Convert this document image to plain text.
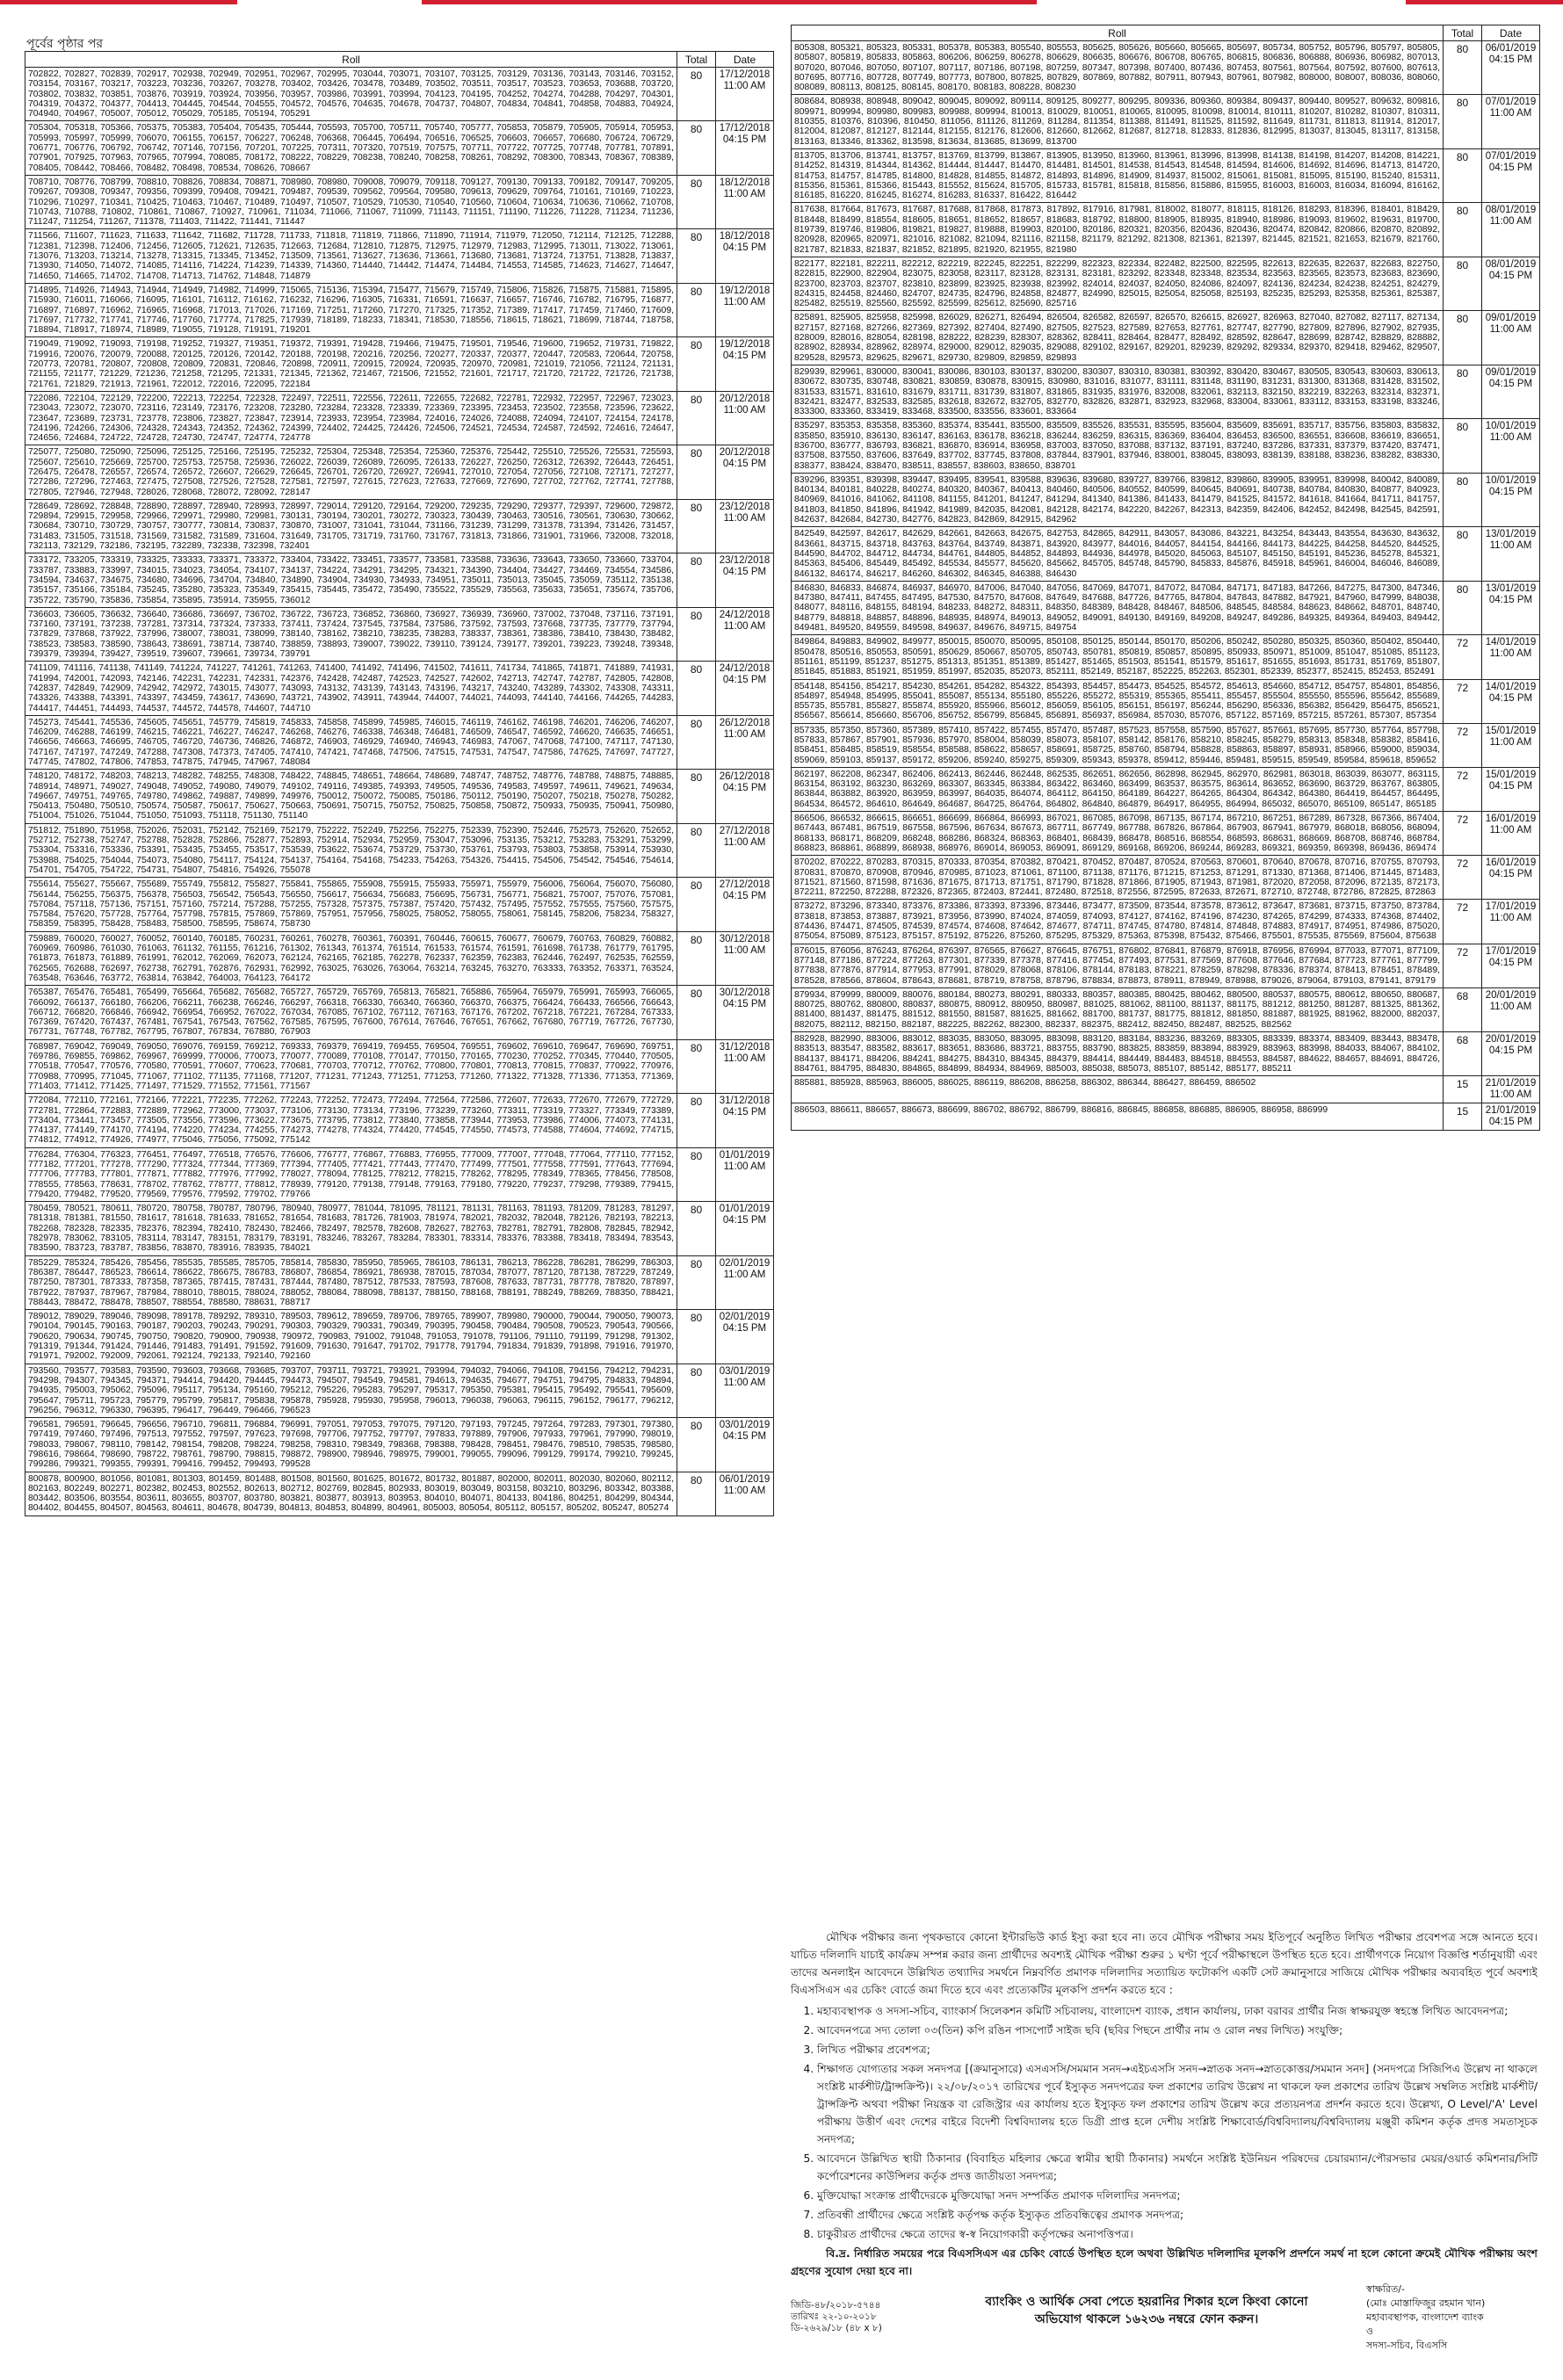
পূর্বের পৃষ্ঠার পর
Roll	Total	Date
702822, 702827, 702839, 702917, 702938, 702949, 702951, 702967, 702995, 703044, 703071, 703107, 703125, 703129, 703136, 703143, 703146, 703152, 703154, 703167, 703217, 703223, 703236, 703267, 703278, 703402, 703426, 703478, 703489, 703502, 703511, 703517, 703523, 703653, 703688, 703720, 703802, 703832, 703851, 703876, 703919, 703924, 703956, 703957, 703986, 703991, 703994, 704123, 704195, 704252, 704274, 704288, 704297, 704301, 704319, 704372, 704377, 704413, 704445, 704544, 704555, 704572, 704576, 704635, 704678, 704737, 704807, 704834, 704841, 704858, 704883, 704924, 704940, 704967, 705007, 705012, 705029, 705185, 705194, 705291	80	17/12/2018
11:00 AM

705304, 705318, 705366, 705375, 705383, 705404, 705435, 705444, 705593, 705700, 705711, 705740, 705777, 705853, 705879, 705905, 705914, 705953, 705993, 705997, 705999, 706070, 706155, 706157, 706227, 706248, 706368, 706445, 706494, 706516, 706525, 706603, 706657, 706680, 706724, 706729, 706771, 706776, 706792, 706742, 707146, 707156, 707201, 707225, 707311, 707320, 707519, 707575, 707711, 707722, 707725, 707748, 707781, 707891, 707901, 707925, 707963, 707965, 707994, 708085, 708172, 708222, 708229, 708238, 708240, 708258, 708261, 708292, 708300, 708343, 708367, 708389, 708405, 708442, 708466, 708482, 708498, 708534, 708626, 708667	80	17/12/2018
04:15 PM

708710, 708776, 708799, 708810, 708826, 708834, 708871, 708980, 708980, 709008, 709079, 709118, 709127, 709130, 709133, 709182, 709147, 709205, 709267, 709308, 709347, 709356, 709399, 709408, 709421, 709487, 709539, 709562, 709564, 709580, 709613, 709629, 709764, 710161, 710169, 710223, 710296, 710297, 710341, 710425, 710463, 710467, 710489, 710497, 710507, 710529, 710530, 710540, 710560, 710604, 710634, 710636, 710662, 710708, 710743, 710788, 710802, 710861, 710867, 710927, 710961, 711034, 711066, 711067, 711099, 711143, 711151, 711190, 711226, 711228, 711234, 711236, 711247, 711254, 711267, 711378, 711403, 711422, 711441, 711447	80	18/12/2018
11:00 AM

711566, 711607, 711623, 711633, 711642, 711682, 711728, 711733, 711818, 711819, 711866, 711890, 711914, 711979, 712050, 712114, 712125, 712288, 712381, 712398, 712406, 712456, 712605, 712621, 712635, 712663, 712684, 712810, 712875, 712975, 712979, 712983, 712995, 713011, 713022, 713061, 713076, 713203, 713214, 713278, 713315, 713345, 713452, 713509, 713561, 713627, 713636, 713661, 713680, 713681, 713724, 713751, 713828, 713837, 713930, 714050, 714072, 714085, 714116, 714224, 714239, 714339, 714360, 714440, 714442, 714474, 714484, 714553, 714585, 714623, 714627, 714647, 714650, 714665, 714702, 714708, 714713, 714762, 714848, 714879	80	18/12/2018
04:15 PM

714895, 714926, 714943, 714944, 714949, 714982, 714999, 715065, 715136, 715394, 715477, 715679, 715749, 715806, 715826, 715875, 715881, 715895, 715930, 716011, 716066, 716095, 716101, 716112, 716162, 716232, 716296, 716305, 716331, 716591, 716637, 716657, 716746, 716782, 716795, 716877, 716897, 716897, 716962, 716965, 716968, 717013, 717026, 717169, 717251, 717260, 717270, 717325, 717352, 717389, 717417, 717459, 717460, 717609, 717697, 717732, 717741, 717746, 717760, 717774, 717825, 717939, 718189, 718233, 718341, 718530, 718556, 718615, 718621, 718699, 718744, 718758, 718894, 718917, 718974, 718989, 719055, 719128, 719191, 719201	80	19/12/2018
11:00 AM

719049, 719092, 719093, 719198, 719252, 719327, 719351, 719372, 719391, 719428, 719466, 719475, 719501, 719546, 719600, 719652, 719731, 719822, 719916, 720076, 720079, 720088, 720125, 720126, 720142, 720188, 720198, 720216, 720256, 720277, 720337, 720377, 720447, 720583, 720644, 720758, 720773, 720781, 720807, 720808, 720809, 720831, 720846, 720898, 720911, 720915, 720924, 720935, 720970, 720981, 721019, 721056, 721124, 721131, 721155, 721177, 721229, 721236, 721258, 721295, 721331, 721345, 721362, 721467, 721506, 721552, 721601, 721717, 721720, 721722, 721726, 721738, 721761, 721829, 721913, 721961, 722012, 722016, 722095, 722184	80	19/12/2018
04:15 PM

722086, 722104, 722129, 722200, 722213, 722254, 722328, 722497, 722511, 722556, 722611, 722655, 722682, 722781, 722932, 722957, 722967, 723023, 723043, 723072, 723070, 723116, 723149, 723176, 723208, 723280, 723284, 723328, 723339, 723369, 723395, 723453, 723502, 723558, 723596, 723622, 723647, 723689, 723731, 723778, 723806, 723827, 723847, 723914, 723933, 723954, 723984, 724016, 724026, 724088, 724094, 724107, 724154, 724178, 724196, 724266, 724306, 724328, 724343, 724352, 724362, 724399, 724402, 724425, 724426, 724506, 724521, 724534, 724587, 724592, 724616, 724647, 724656, 724684, 724722, 724728, 724730, 724747, 724774, 724778	80	20/12/2018
11:00 AM

725077, 725080, 725090, 725096, 725125, 725166, 725195, 725232, 725304, 725348, 725354, 725360, 725376, 725442, 725510, 725526, 725531, 725593, 725607, 725610, 725669, 725700, 725753, 725758, 725936, 726022, 726039, 726089, 726095, 726133, 726227, 726250, 726312, 726392, 726443, 726451, 726475, 726478, 726557, 726574, 726572, 726607, 726629, 726645, 726701, 726720, 726927, 726941, 727010, 727054, 727056, 727108, 727171, 727277, 727286, 727296, 727463, 727475, 727508, 727526, 727528, 727581, 727597, 727615, 727623, 727633, 727669, 727690, 727702, 727762, 727741, 727788, 727805, 727946, 727948, 728026, 728068, 728072, 728092, 728147	80	20/12/2018
04:15 PM

728649, 728692, 728848, 728890, 728897, 728940, 728993, 728997, 729014, 729120, 729164, 729200, 729235, 729290, 729377, 729397, 729600, 729872, 729894, 729915, 729958, 729966, 729971, 729980, 729981, 730131, 730194, 730201, 730272, 730323, 730439, 730463, 730516, 730561, 730630, 730662, 730684, 730710, 730729, 730757, 730777, 730814, 730837, 730870, 731007, 731041, 731044, 731166, 731239, 731299, 731378, 731394, 731426, 731457, 731483, 731505, 731518, 731569, 731582, 731589, 731604, 731649, 731705, 731719, 731760, 731767, 731813, 731866, 731901, 731966, 732008, 732018, 732113, 732129, 732186, 732195, 732289, 732338, 732398, 732401	80	23/12/2018
11:00 AM

733172, 733205, 733319, 733325, 733333, 733371, 733372, 733404, 733422, 733451, 733577, 733581, 733588, 733636, 733643, 733650, 733660, 733704, 733787, 733883, 733997, 734015, 734023, 734054, 734107, 734137, 734224, 734291, 734295, 734321, 734390, 734404, 734427, 734469, 734554, 734586, 734594, 734637, 734675, 734680, 734696, 734704, 734840, 734890, 734904, 734930, 734933, 734951, 735011, 735013, 735045, 735059, 735112, 735138, 735157, 735166, 735184, 735245, 735280, 735323, 735349, 735415, 735445, 735472, 735490, 735522, 735529, 735563, 735633, 735651, 735674, 735706, 735722, 735790, 735836, 735854, 735895, 735914, 735955, 736012	80	23/12/2018
04:15 PM

736603, 736605, 736632, 736640, 736686, 736697, 736702, 736722, 736723, 736852, 736860, 736927, 736939, 736960, 737002, 737048, 737116, 737191, 737160, 737191, 737238, 737281, 737314, 737324, 737333, 737411, 737424, 737545, 737584, 737586, 737592, 737593, 737668, 737735, 737779, 737794, 737829, 737868, 737922, 737996, 738007, 738031, 738099, 738140, 738162, 738210, 738235, 738283, 738337, 738361, 738386, 738410, 738430, 738482, 738523, 738583, 738590, 738643, 738691, 738714, 738740, 738859, 738893, 739007, 739022, 739110, 739124, 739177, 739201, 739223, 739248, 739348, 739379, 739394, 739427, 739519, 739607, 739661, 739734, 739791	80	24/12/2018
11:00 AM

741109, 741116, 741138, 741149, 741224, 741227, 741261, 741263, 741400, 741492, 741496, 741502, 741611, 741734, 741865, 741871, 741889, 741931, 741994, 742001, 742093, 742146, 742231, 742231, 742331, 742376, 742428, 742487, 742523, 742527, 742602, 742713, 742747, 742787, 742805, 742808, 742837, 742849, 742909, 742942, 742972, 743015, 743077, 743093, 743132, 743139, 743143, 743196, 743217, 743240, 743289, 743302, 743308, 743311, 743326, 743388, 743391, 743397, 743459, 743617, 743690, 743721, 743902, 743911, 743944, 744007, 744021, 744093, 744140, 744166, 744265, 744283, 744417, 744451, 744493, 744537, 744572, 744578, 744607, 744710	80	24/12/2018
04:15 PM

745273, 745441, 745536, 745605, 745651, 745779, 745819, 745833, 745858, 745899, 745985, 746015, 746119, 746162, 746198, 746201, 746206, 746207, 746209, 746288, 746199, 746215, 746221, 746227, 746247, 746268, 746276, 746338, 746348, 746481, 746509, 746547, 746592, 746620, 746635, 746651, 746656, 746663, 746695, 746705, 746720, 746736, 746826, 746872, 746903, 746929, 746940, 746943, 746983, 747067, 747068, 747100, 747117, 747130, 747167, 747197, 747249, 747288, 747308, 747373, 747405, 747410, 747421, 747468, 747506, 747515, 747531, 747547, 747586, 747625, 747697, 747727, 747745, 747802, 747806, 747853, 747875, 747945, 747967, 748084	80	26/12/2018
11:00 AM

748120, 748172, 748203, 748213, 748282, 748255, 748308, 748422, 748845, 748651, 748664, 748689, 748747, 748752, 748776, 748788, 748875, 748885, 748914, 748971, 749027, 749048, 749052, 749080, 749079, 749102, 749116, 749385, 749393, 749505, 749536, 749583, 749597, 749611, 749621, 749634, 749667, 749751, 749765, 749780, 749862, 749887, 749899, 749976, 750012, 750072, 750085, 750186, 750112, 750190, 750207, 750218, 750278, 750282, 750413, 750480, 750510, 750574, 750587, 750617, 750627, 750663, 750691, 750715, 750752, 750825, 750858, 750872, 750933, 750935, 750941, 750980, 751004, 751026, 751044, 751050, 751093, 751118, 751130, 751140	80	26/12/2018
04:15 PM

751812, 751890, 751958, 752026, 752031, 752142, 752169, 752179, 752222, 752249, 752256, 752275, 752339, 752390, 752446, 752573, 752620, 752652, 752712, 752738, 752747, 752788, 752828, 752866, 752877, 752893, 752914, 752934, 752959, 753047, 753096, 753135, 753212, 753283, 753291, 753299, 753304, 753316, 753336, 753391, 753435, 753455, 753517, 753539, 753622, 753674, 753729, 753730, 753761, 753793, 753803, 753858, 753914, 753930, 753988, 754025, 754044, 754073, 754080, 754117, 754124, 754137, 754164, 754168, 754233, 754263, 754326, 754415, 754506, 754542, 754546, 754614, 754701, 754705, 754722, 754731, 754807, 754816, 754926, 755078	80	27/12/2018
11:00 AM

755614, 755627, 755667, 755689, 755749, 755812, 755827, 755841, 755865, 755908, 755915, 755933, 755971, 755979, 756006, 756064, 756070, 756080, 756144, 756255, 756375, 756378, 756503, 756542, 756543, 756550, 756617, 756634, 756683, 756695, 756731, 756771, 756821, 757007, 757076, 757081, 757084, 757118, 757136, 757151, 757160, 757214, 757288, 757255, 757328, 757375, 757387, 757420, 757432, 757495, 757552, 757555, 757560, 757575, 757584, 757620, 757728, 757764, 757798, 757815, 757869, 757869, 757951, 757956, 758025, 758052, 758055, 758061, 758145, 758206, 758234, 758327, 758359, 758395, 758428, 758483, 758500, 758595, 758674, 758730	80	27/12/2018
04:15 PM

759889, 760020, 760027, 760052, 760140, 760185, 760231, 760261, 760278, 760361, 760391, 760446, 760615, 760677, 760679, 760763, 760829, 760882, 760969, 760986, 761030, 761063, 761132, 761155, 761216, 761302, 761343, 761374, 761514, 761533, 761574, 761591, 761698, 761738, 761779, 761795, 761873, 761873, 761889, 761991, 762012, 762069, 762073, 762124, 762165, 762185, 762278, 762337, 762359, 762383, 762446, 762497, 762535, 762559, 762565, 762688, 762697, 762738, 762791, 762876, 762931, 762992, 763025, 763026, 763064, 763214, 763245, 763270, 763333, 763352, 763371, 763524, 763548, 763646, 763772, 763814, 763842, 764003, 764123, 764172	80	30/12/2018
11:00 AM

765387, 765476, 765481, 765499, 765664, 765682, 765682, 765727, 765729, 765769, 765813, 765821, 765886, 765964, 765979, 765991, 765993, 766065, 766092, 766137, 766180, 766206, 766211, 766238, 766246, 766297, 766318, 766330, 766340, 766360, 766370, 766375, 766424, 766433, 766566, 766643, 766712, 766820, 766846, 766942, 766954, 766952, 767022, 767034, 767085, 767102, 767112, 767163, 767176, 767202, 767218, 767221, 767284, 767333, 767369, 767420, 767437, 767481, 767541, 767543, 767562, 767585, 767595, 767600, 767614, 767646, 767651, 767662, 767680, 767719, 767726, 767730, 767731, 767748, 767782, 767795, 767807, 767834, 767880, 767903	80	30/12/2018
04:15 PM

768987, 769042, 769049, 769050, 769076, 769159, 769212, 769333, 769379, 769419, 769455, 769504, 769551, 769602, 769610, 769647, 769690, 769751, 769786, 769855, 769862, 769967, 769999, 770006, 770073, 770077, 770089, 770108, 770147, 770150, 770165, 770230, 770252, 770345, 770440, 770505, 770518, 770547, 770576, 770580, 770591, 770607, 770623, 770681, 770703, 770712, 770762, 770800, 770801, 770813, 770815, 770837, 770922, 770976, 770988, 770995, 771045, 771067, 771102, 771135, 771168, 771207, 771231, 771243, 771251, 771253, 771260, 771322, 771328, 771336, 771353, 771369, 771403, 771412, 771425, 771497, 771529, 771552, 771561, 771567	80	31/12/2018
11:00 AM

772084, 772110, 772161, 772166, 772221, 772235, 772262, 772243, 772252, 772473, 772494, 772564, 772586, 772607, 772633, 772670, 772679, 772729, 772781, 772864, 772883, 772889, 772962, 773000, 773037, 773106, 773130, 773134, 773196, 773239, 773260, 773311, 773319, 773327, 773349, 773389, 773404, 773441, 773457, 773505, 773556, 773596, 773622, 773675, 773795, 773812, 773840, 773858, 773944, 773953, 773986, 774006, 774073, 774131, 774137, 774149, 774170, 774194, 774220, 774234, 774255, 774273, 774278, 774324, 774420, 774545, 774550, 774573, 774588, 774604, 774692, 774715, 774812, 774912, 774926, 774977, 775046, 775056, 775092, 775142	80	31/12/2018
04:15 PM

776284, 776304, 776323, 776451, 776497, 776518, 776576, 776606, 776777, 776867, 776883, 776955, 777009, 777007, 777048, 777064, 777110, 777152, 777182, 777201, 777278, 777290, 777324, 777344, 777369, 777394, 777405, 777421, 777443, 777470, 777499, 777501, 777558, 777591, 777643, 777694, 777706, 777783, 777801, 777871, 777882, 777976, 777992, 778027, 778094, 778125, 778212, 778215, 778262, 778295, 778349, 778365, 778456, 778508, 778555, 778563, 778631, 778702, 778762, 778777, 778812, 778939, 779120, 779138, 779148, 779163, 779180, 779220, 779237, 779298, 779389, 779415, 779420, 779482, 779520, 779569, 779576, 779592, 779702, 779766	80	01/01/2019
11:00 AM

780459, 780521, 780611, 780720, 780758, 780787, 780796, 780940, 780977, 781044, 781095, 781121, 781131, 781163, 781193, 781209, 781283, 781297, 781318, 781381, 781550, 781617, 781618, 781633, 781652, 781654, 781683, 781726, 781903, 781974, 782021, 782032, 782048, 782126, 782193, 782213, 782268, 782328, 782335, 782376, 782394, 782410, 782430, 782466, 782497, 782578, 782608, 782627, 782763, 782781, 782791, 782808, 782845, 782942, 782978, 783062, 783105, 783114, 783147, 783151, 783179, 783191, 783246, 783267, 783284, 783301, 783314, 783376, 783388, 783418, 783494, 783543, 783590, 783723, 783787, 783856, 783870, 783916, 783935, 784021	80	01/01/2019
04:15 PM

785229, 785324, 785426, 785456, 785535, 785585, 785705, 785814, 785830, 785950, 785965, 786103, 786131, 786213, 786228, 786281, 786299, 786303, 786387, 786447, 786523, 786614, 786622, 786675, 786783, 786807, 786854, 786921, 786938, 787015, 787034, 787077, 787120, 787138, 787229, 787249, 787250, 787301, 787333, 787358, 787365, 787415, 787431, 787444, 787480, 787512, 787533, 787593, 787608, 787633, 787731, 787778, 787820, 787897, 787922, 787937, 787967, 787984, 788010, 788015, 788024, 788052, 788084, 788098, 788137, 788150, 788168, 788191, 788249, 788269, 788350, 788421, 788443, 788472, 788478, 788507, 788554, 788580, 788631, 788717	80	02/01/2019
11:00 AM

789012, 789029, 789046, 789098, 789178, 789292, 789310, 789503, 789612, 789659, 789706, 789765, 789907, 789980, 790000, 790044, 790050, 790073, 790104, 790145, 790163, 790187, 790203, 790243, 790291, 790303, 790329, 790331, 790349, 790395, 790458, 790484, 790508, 790523, 790543, 790566, 790620, 790634, 790745, 790750, 790820, 790900, 790938, 790972, 790983, 791002, 791048, 791053, 791078, 791106, 791110, 791199, 791298, 791302, 791319, 791344, 791424, 791446, 791483, 791491, 791592, 791609, 791630, 791647, 791702, 791778, 791794, 791834, 791839, 791898, 791916, 791970, 791971, 792002, 792009, 792061, 792124, 792133, 792140, 792160	80	02/01/2019
04:15 PM

793560, 793577, 793583, 793590, 793603, 793668, 793685, 793707, 793711, 793721, 793921, 793994, 794032, 794066, 794108, 794156, 794212, 794231, 794298, 794307, 794345, 794371, 794414, 794420, 794445, 794473, 794507, 794549, 794581, 794613, 794635, 794677, 794751, 794795, 794833, 794894, 794935, 795003, 795062, 795096, 795117, 795134, 795160, 795212, 795226, 795283, 795297, 795317, 795350, 795381, 795415, 795492, 795541, 795609, 795647, 795711, 795723, 795779, 795799, 795817, 795838, 795878, 795928, 795930, 795958, 796013, 796038, 796063, 796115, 796152, 796177, 796212, 796256, 796312, 796330, 796395, 796417, 796449, 796466, 796523	80	03/01/2019
11:00 AM

796581, 796591, 796645, 796656, 796710, 796811, 796884, 796991, 797051, 797053, 797075, 797120, 797193, 797245, 797264, 797283, 797301, 797380, 797419, 797460, 797496, 797513, 797552, 797597, 797623, 797698, 797706, 797752, 797797, 797833, 797889, 797906, 797933, 797961, 797990, 798019, 798033, 798067, 798110, 798142, 798154, 798208, 798224, 798258, 798310, 798349, 798368, 798388, 798428, 798451, 798476, 798510, 798535, 798580, 798616, 798664, 798690, 798722, 798761, 798790, 798815, 798872, 798900, 798946, 798975, 799001, 799055, 799096, 799129, 799174, 799210, 799245, 799286, 799321, 799355, 799391, 799416, 799452, 799493, 799528	80	03/01/2019
04:15 PM

800878, 800900, 801056, 801081, 801303, 801459, 801488, 801508, 801560, 801625, 801672, 801732, 801887, 802000, 802011, 802030, 802060, 802112, 802163, 802249, 802271, 802382, 802453, 802552, 802613, 802712, 802769, 802845, 802933, 803019, 803049, 803158, 803210, 803296, 803342, 803388, 803442, 803506, 803554, 803611, 803655, 803707, 803780, 803821, 803877, 803913, 803953, 804010, 804071, 804133, 804186, 804251, 804299, 804344, 804402, 804455, 804507, 804563, 804611, 804678, 804739, 804813, 804853, 804899, 804961, 805003, 805054, 805112, 805157, 805202, 805247, 805274	80	06/01/2019
11:00 AM
Roll	Total	Date
805308, 805321, 805323, 805331, 805378, 805383, 805540, 805553, 805625, 805626, 805660, 805665, 805697, 805734, 805752, 805796, 805797, 805805, 805807, 805819, 805833, 805863, 806206, 806259, 806278, 806629, 806635, 806676, 806708, 806765, 806815, 806836, 806888, 806936, 806982, 807013, 807020, 807046, 807050, 807107, 807117, 807186, 807198, 807259, 807347, 807398, 807400, 807436, 807453, 807561, 807564, 807592, 807600, 807613, 807695, 807716, 807728, 807749, 807773, 807800, 807825, 807829, 807869, 807882, 807911, 807943, 807961, 807982, 808000, 808007, 808036, 808060, 808089, 808113, 808125, 808145, 808170, 808183, 808228, 808230	80	06/01/2019
04:15 PM

808684, 808938, 808948, 809042, 809045, 809092, 809114, 809125, 809277, 809295, 809336, 809360, 809384, 809437, 809440, 809527, 809632, 809816, 809971, 809994, 809980, 809983, 809988, 809994, 810013, 810029, 810051, 810065, 810095, 810098, 810014, 810111, 810207, 810282, 810307, 810311, 810355, 810376, 810396, 810450, 811056, 811126, 811269, 811284, 811354, 811388, 811491, 811525, 811592, 811649, 811731, 811813, 811914, 812017, 812004, 812087, 812127, 812144, 812155, 812176, 812606, 812660, 812662, 812687, 812718, 812833, 812836, 812995, 813037, 813045, 813117, 813158, 813163, 813346, 813362, 813598, 813634, 813685, 813699, 813700	80	07/01/2019
11:00 AM

813705, 813706, 813741, 813757, 813769, 813799, 813867, 813905, 813950, 813960, 813961, 813996, 813998, 814138, 814198, 814207, 814208, 814221, 814252, 814319, 814344, 814362, 814444, 814447, 814470, 814481, 814501, 814538, 814543, 814548, 814594, 814606, 814692, 814696, 814713, 814720, 814753, 814757, 814785, 814800, 814828, 814855, 814872, 814893, 814896, 814909, 814937, 815002, 815061, 815081, 815095, 815190, 815240, 815311, 815356, 815361, 815366, 815443, 815552, 815624, 815705, 815733, 815781, 815818, 815856, 815886, 815955, 816003, 816003, 816034, 816094, 816162, 816185, 816220, 816245, 816274, 816283, 816337, 816422, 816442	80	07/01/2019
04:15 PM

817638, 817664, 817673, 817687, 817688, 817868, 817873, 817892, 817916, 817981, 818002, 818077, 818115, 818126, 818293, 818396, 818401, 818429, 818448, 818499, 818554, 818605, 818651, 818652, 818657, 818683, 818792, 818800, 818905, 818935, 818940, 818986, 819093, 819602, 819631, 819700, 819739, 819746, 819806, 819821, 819827, 819888, 819903, 820100, 820186, 820321, 820356, 820436, 820436, 820474, 820842, 820866, 820870, 820892, 820928, 820965, 820971, 821016, 821082, 821094, 821116, 821158, 821179, 821292, 821308, 821361, 821397, 821445, 821521, 821653, 821679, 821760, 821787, 821833, 821837, 821852, 821895, 821920, 821955, 821980	80	08/01/2019
11:00 AM

822177, 822181, 822211, 822212, 822219, 822245, 822251, 822299, 822323, 822334, 822482, 822500, 822595, 822613, 822635, 822637, 822683, 822750, 822815, 822900, 822904, 823075, 823058, 823117, 823128, 823131, 823181, 823292, 823348, 823348, 823534, 823563, 823565, 823573, 823683, 823690, 823700, 823703, 823707, 823810, 823899, 823925, 823938, 823992, 824014, 824037, 824050, 824086, 824097, 824136, 824234, 824238, 824251, 824279, 824315, 824458, 824460, 824707, 824735, 824796, 824858, 824877, 824990, 825015, 825054, 825058, 825193, 825235, 825293, 825358, 825361, 825387, 825482, 825519, 825560, 825592, 825599, 825612, 825690, 825716	80	08/01/2019
04:15 PM

825891, 825905, 825958, 825998, 826029, 826271, 826494, 826504, 826582, 826597, 826570, 826615, 826927, 826963, 827040, 827082, 827117, 827134, 827157, 827168, 827266, 827369, 827392, 827404, 827490, 827505, 827523, 827589, 827653, 827761, 827747, 827790, 827809, 827896, 827902, 827935, 828009, 828016, 828054, 828198, 828222, 828239, 828307, 828362, 828411, 828464, 828477, 828492, 828592, 828647, 828699, 828742, 828829, 828882, 828902, 828934, 828962, 828974, 829000, 829012, 829035, 829088, 829102, 829167, 829201, 829239, 829292, 829334, 829370, 829418, 829462, 829507, 829528, 829573, 829625, 829671, 829730, 829809, 829859, 829893	80	09/01/2019
11:00 AM

829939, 829961, 830000, 830041, 830086, 830103, 830137, 830200, 830307, 830310, 830381, 830392, 830420, 830467, 830505, 830543, 830603, 830613, 830672, 830735, 830748, 830821, 830859, 830878, 830915, 830980, 831016, 831077, 831111, 831148, 831190, 831231, 831300, 831368, 831428, 831502, 831533, 831571, 831610, 831679, 831711, 831739, 831807, 831865, 831935, 831976, 832008, 832061, 832113, 832150, 832219, 832263, 832314, 832371, 832421, 832477, 832533, 832585, 832618, 832672, 832705, 832770, 832826, 832871, 832923, 832968, 833004, 833061, 833112, 833153, 833198, 833246, 833300, 833360, 833419, 833468, 833500, 833556, 833601, 833664	80	09/01/2019
04:15 PM

835297, 835353, 835358, 835360, 835374, 835441, 835500, 835509, 835526, 835531, 835595, 835604, 835609, 835691, 835717, 835756, 835803, 835832, 835850, 835910, 836130, 836147, 836163, 836178, 836218, 836244, 836259, 836315, 836369, 836404, 836453, 836500, 836551, 836608, 836619, 836651, 836700, 836777, 836793, 836821, 836870, 836914, 836958, 837003, 837050, 837088, 837132, 837191, 837240, 837286, 837331, 837379, 837420, 837471, 837508, 837550, 837606, 837649, 837702, 837745, 837808, 837844, 837901, 837946, 838001, 838045, 838093, 838139, 838188, 838236, 838282, 838330, 838377, 838424, 838470, 838511, 838557, 838603, 838650, 838701	80	10/01/2019
11:00 AM

839296, 839351, 839398, 839447, 839495, 839541, 839588, 839636, 839680, 839727, 839766, 839812, 839860, 839905, 839951, 839998, 840042, 840089, 840134, 840181, 840228, 840274, 840320, 840367, 840413, 840460, 840506, 840552, 840599, 840645, 840691, 840738, 840784, 840830, 840877, 840923, 840969, 841016, 841062, 841108, 841155, 841201, 841247, 841294, 841340, 841386, 841433, 841479, 841525, 841572, 841618, 841664, 841711, 841757, 841803, 841850, 841896, 841942, 841989, 842035, 842081, 842128, 842174, 842220, 842267, 842313, 842359, 842406, 842452, 842498, 842545, 842591, 842637, 842684, 842730, 842776, 842823, 842869, 842915, 842962	80	10/01/2019
04:15 PM

842549, 842597, 842617, 842629, 842661, 842663, 842675, 842753, 842865, 842911, 843057, 843086, 843221, 843254, 843443, 843554, 843630, 843632, 843661, 843715, 843718, 843763, 843764, 843749, 843871, 843920, 843977, 844016, 844057, 844154, 844166, 844173, 844225, 844258, 844520, 844525, 844590, 844702, 844712, 844734, 844761, 844805, 844852, 844893, 844936, 844978, 845020, 845063, 845107, 845150, 845191, 845236, 845278, 845321, 845363, 845406, 845449, 845492, 845534, 845577, 845620, 845662, 845705, 845748, 845790, 845833, 845876, 845918, 845961, 846004, 846046, 846089, 846132, 846174, 846217, 846260, 846302, 846345, 846388, 846430	80	13/01/2019
11:00 AM

846830, 846833, 846874, 846937, 846970, 847006, 847040, 847056, 847069, 847071, 847072, 847084, 847171, 847183, 847266, 847275, 847300, 847346, 847380, 847411, 847455, 847495, 847530, 847570, 847608, 847649, 847688, 847726, 847765, 847804, 847843, 847882, 847921, 847960, 847999, 848038, 848077, 848116, 848155, 848194, 848233, 848272, 848311, 848350, 848389, 848428, 848467, 848506, 848545, 848584, 848623, 848662, 848701, 848740, 848779, 848818, 848857, 848896, 848935, 848974, 849013, 849052, 849091, 849130, 849169, 849208, 849247, 849286, 849325, 849364, 849403, 849442, 849481, 849520, 849559, 849598, 849637, 849676, 849715, 849754	80	13/01/2019
04:15 PM

849864, 849883, 849902, 849977, 850015, 850070, 850095, 850108, 850125, 850144, 850170, 850206, 850242, 850280, 850325, 850360, 850402, 850440, 850478, 850516, 850553, 850591, 850629, 850667, 850705, 850743, 850781, 850819, 850857, 850895, 850933, 850971, 851009, 851047, 851085, 851123, 851161, 851199, 851237, 851275, 851313, 851351, 851389, 851427, 851465, 851503, 851541, 851579, 851617, 851655, 851693, 851731, 851769, 851807, 851845, 851883, 851921, 851959, 851997, 852035, 852073, 852111, 852149, 852187, 852225, 852263, 852301, 852339, 852377, 852415, 852453, 852491	72	14/01/2019
11:00 AM

854148, 854156, 854217, 854230, 854261, 854282, 854322, 854393, 854457, 854473, 854525, 854572, 854613, 854660, 854712, 854757, 854801, 854856, 854897, 854948, 854995, 855041, 855087, 855134, 855180, 855226, 855272, 855319, 855365, 855411, 855457, 855504, 855550, 855596, 855642, 855689, 855735, 855781, 855827, 855874, 855920, 855966, 856012, 856059, 856105, 856151, 856197, 856244, 856290, 856336, 856382, 856429, 856475, 856521, 856567, 856614, 856660, 856706, 856752, 856799, 856845, 856891, 856937, 856984, 857030, 857076, 857122, 857169, 857215, 857261, 857307, 857354	72	14/01/2019
04:15 PM

857335, 857350, 857360, 857389, 857410, 857422, 857455, 857470, 857487, 857523, 857558, 857590, 857627, 857661, 857695, 857730, 857764, 857798, 857833, 857867, 857901, 857936, 857970, 858004, 858039, 858073, 858107, 858142, 858176, 858210, 858245, 858279, 858313, 858348, 858382, 858416, 858451, 858485, 858519, 858554, 858588, 858622, 858657, 858691, 858725, 858760, 858794, 858828, 858863, 858897, 858931, 858966, 859000, 859034, 859069, 859103, 859137, 859172, 859206, 859240, 859275, 859309, 859343, 859378, 859412, 859446, 859481, 859515, 859549, 859584, 859618, 859652	72	15/01/2019
11:00 AM

862197, 862208, 862347, 862406, 862413, 862446, 862448, 862535, 862651, 862656, 862898, 862945, 862970, 862981, 863018, 863039, 863077, 863115, 863154, 863192, 863230, 863269, 863307, 863345, 863384, 863422, 863460, 863499, 863537, 863575, 863614, 863652, 863690, 863729, 863767, 863805, 863844, 863882, 863920, 863959, 863997, 864035, 864074, 864112, 864150, 864189, 864227, 864265, 864304, 864342, 864380, 864419, 864457, 864495, 864534, 864572, 864610, 864649, 864687, 864725, 864764, 864802, 864840, 864879, 864917, 864955, 864994, 865032, 865070, 865109, 865147, 865185	72	15/01/2019
04:15 PM

866506, 866532, 866615, 866651, 866699, 866864, 866993, 867021, 867085, 867098, 867135, 867174, 867210, 867251, 867289, 867328, 867366, 867404, 867443, 867481, 867519, 867558, 867596, 867634, 867673, 867711, 867749, 867788, 867826, 867864, 867903, 867941, 867979, 868018, 868056, 868094, 868133, 868171, 868209, 868248, 868286, 868324, 868363, 868401, 868439, 868478, 868516, 868554, 868593, 868631, 868669, 868708, 868746, 868784, 868823, 868861, 868899, 868938, 868976, 869014, 869053, 869091, 869129, 869168, 869206, 869244, 869283, 869321, 869359, 869398, 869436, 869474	72	16/01/2019
11:00 AM

870202, 870222, 870283, 870315, 870333, 870354, 870382, 870421, 870452, 870487, 870524, 870563, 870601, 870640, 870678, 870716, 870755, 870793, 870831, 870870, 870908, 870946, 870985, 871023, 871061, 871100, 871138, 871176, 871215, 871253, 871291, 871330, 871368, 871406, 871445, 871483, 871521, 871560, 871598, 871636, 871675, 871713, 871751, 871790, 871828, 871866, 871905, 871943, 871981, 872020, 872058, 872096, 872135, 872173, 872211, 872250, 872288, 872326, 872365, 872403, 872441, 872480, 872518, 872556, 872595, 872633, 872671, 872710, 872748, 872786, 872825, 872863	72	16/01/2019
04:15 PM

873272, 873296, 873340, 873376, 873386, 873393, 873396, 873446, 873477, 873509, 873544, 873578, 873612, 873647, 873681, 873715, 873750, 873784, 873818, 873853, 873887, 873921, 873956, 873990, 874024, 874059, 874093, 874127, 874162, 874196, 874230, 874265, 874299, 874333, 874368, 874402, 874436, 874471, 874505, 874539, 874574, 874608, 874642, 874677, 874711, 874745, 874780, 874814, 874848, 874883, 874917, 874951, 874986, 875020, 875054, 875089, 875123, 875157, 875192, 875226, 875260, 875295, 875329, 875363, 875398, 875432, 875466, 875501, 875535, 875569, 875604, 875638	72	17/01/2019
11:00 AM

876015, 876056, 876243, 876264, 876397, 876565, 876627, 876645, 876751, 876802, 876841, 876879, 876918, 876956, 876994, 877033, 877071, 877109, 877148, 877186, 877224, 877263, 877301, 877339, 877378, 877416, 877454, 877493, 877531, 877569, 877608, 877646, 877684, 877723, 877761, 877799, 877838, 877876, 877914, 877953, 877991, 878029, 878068, 878106, 878144, 878183, 878221, 878259, 878298, 878336, 878374, 878413, 878451, 878489, 878528, 878566, 878604, 878643, 878681, 878719, 878758, 878796, 878834, 878873, 878911, 878949, 878988, 879026, 879064, 879103, 879141, 879179	72	17/01/2019
04:15 PM

879934, 879999, 880009, 880076, 880184, 880273, 880291, 880333, 880357, 880385, 880425, 880462, 880500, 880537, 880575, 880612, 880650, 880687, 880725, 880762, 880800, 880837, 880875, 880912, 880950, 880987, 881025, 881062, 881100, 881137, 881175, 881212, 881250, 881287, 881325, 881362, 881400, 881437, 881475, 881512, 881550, 881587, 881625, 881662, 881700, 881737, 881775, 881812, 881850, 881887, 881925, 881962, 882000, 882037, 882075, 882112, 882150, 882187, 882225, 882262, 882300, 882337, 882375, 882412, 882450, 882487, 882525, 882562	68	20/01/2019
11:00 AM

882928, 882990, 883006, 883012, 883035, 883050, 883095, 883098, 883120, 883184, 883236, 883269, 883305, 883339, 883374, 883409, 883443, 883478, 883513, 883547, 883582, 883617, 883651, 883686, 883721, 883755, 883790, 883825, 883859, 883894, 883929, 883963, 883998, 884033, 884067, 884102, 884137, 884171, 884206, 884241, 884275, 884310, 884345, 884379, 884414, 884449, 884483, 884518, 884553, 884587, 884622, 884657, 884691, 884726, 884761, 884795, 884830, 884865, 884899, 884934, 884969, 885003, 885038, 885073, 885107, 885142, 885177, 885211	68	20/01/2019
04:15 PM

885881, 885928, 885963, 886005, 886025, 886119, 886208, 886258, 886302, 886344, 886427, 886459, 886502	15	21/01/2019
11:00 AM

886503, 886611, 886657, 886673, 886699, 886702, 886792, 886799, 886816, 886845, 886858, 886885, 886905, 886958, 886999	15	21/01/2019
04:15 PM

মৌখিক পরীক্ষার জন্য পৃথকভাবে কোনো ইন্টারভিউ কার্ড ইস্যু করা হবে না। তবে মৌখিক পরীক্ষার সময় ইতিপূর্বে অনুষ্ঠিত লিখিত পরীক্ষার প্রবেশপত্র সঙ্গে আনতে হবে। যাচিত দলিলাদি যাচাই কার্যক্রম সম্পন্ন করার জন্য প্রার্থীদের অবশ্যই মৌখিক পরীক্ষা শুরুর ১ ঘণ্টা পূর্বে পরীক্ষাস্থলে উপস্থিত হতে হবে। প্রার্থীগণকে নিয়োগ বিজ্ঞপ্তি শর্তানুযায়ী এবং তাদের অনলাইন আবেদনে উল্লিখিত তথ্যাদির সমর্থনে নিম্নবর্ণিত প্রমাণক দলিলাদির সত্যায়িত ফটোকপি একটি সেট ক্রমানুসারে সাজিয়ে মৌখিক পরীক্ষার অব্যবহিত পূর্বে অবশ্যই বিএসসিএস এর চেকিং বোর্ডে জমা দিতে হবে এবং প্রত্যেকটির মূলকপি প্রদর্শন করতে হবে :

1. মহাব্যবস্থাপক ও সদস্য-সচিব, ব্যাংকার্স সিলেকশন কমিটি সচিবালয়, বাংলাদেশ ব্যাংক, প্রধান কার্যালয়, ঢাকা বরাবর প্রার্থীর নিজ স্বাক্ষরযুক্ত স্বহস্তে লিখিত আবেদনপত্র;
2. আবেদনপত্রে সদ্য তোলা ০৩(তিন) কপি রঙিন পাসপোর্ট সাইজ ছবি (ছবির পিছনে প্রার্থীর নাম ও রোল নম্বর লিখিত) সংযুক্তি;
3. লিখিত পরীক্ষার প্রবেশপত্র;
4. শিক্ষাগত যোগ্যতার সকল সনদপত্র [(ক্রমানুসারে) এসএসসি/সমমান সনদ→এইচএসসি সনদ→স্নাতক সনদ→স্নাতকোত্তর/সমমান সনদ] (সনদপত্রে সিজিপিএ উল্লেখ না থাকলে সংশ্লিষ্ট মার্কশীট/ট্রান্সক্রিপ্ট)। ২২/০৮/২০১৭ তারিখের পূর্বে ইস্যুকৃত সনদপত্রের ফল প্রকাশের তারিখ উল্লেখ না থাকলে ফল প্রকাশের তারিখ উল্লেখ সম্বলিত সংশ্লিষ্ট মার্কশীট/ট্রান্সক্রিপ্ট অথবা পরীক্ষা নিয়ন্ত্রক বা রেজিস্ট্রার এর কার্যালয় হতে ইস্যুকৃত ফল প্রকাশের তারিখ উল্লেখ করে প্রত্যয়নপত্র প্রদর্শন করতে হবে। উল্লেখ্য, O Level/'A' Level পরীক্ষায় উত্তীর্ণ এবং দেশের বাইরে বিদেশী বিশ্ববিদ্যালয় হতে ডিগ্রী প্রাপ্ত হলে দেশীয় সংশ্লিষ্ট শিক্ষাবোর্ড/বিশ্ববিদ্যালয়/বিশ্ববিদ্যালয় মঞ্জুরী কমিশন কর্তৃক প্রদত্ত সমতাসূচক সনদপত্র;
5. আবেদনে উল্লিখিত স্থায়ী ঠিকানার (বিবাহিত মহিলার ক্ষেত্রে স্বামীর স্থায়ী ঠিকানার) সমর্থনে সংশ্লিষ্ট ইউনিয়ন পরিষদের চেয়ারম্যান/পৌরসভার মেয়র/ওয়ার্ড কমিশনার/সিটি কর্পোরেশনের কাউন্সিলর কর্তৃক প্রদত্ত জাতীয়তা সনদপত্র;
6. মুক্তিযোদ্ধা সংক্রান্ত প্রার্থীদেরকে মুক্তিযোদ্ধা সনদ সম্পর্কিত প্রমাণক দলিলাদির সনদপত্র;
7. প্রতিবন্ধী প্রার্থীদের ক্ষেত্রে সংশ্লিষ্ট কর্তৃপক্ষ কর্তৃক ইস্যুকৃত প্রতিবন্ধিত্বের প্রমাণক সনদপত্র;
8. চাকুরীরত প্রার্থীদের ক্ষেত্রে তাদের স্ব-স্ব নিয়োগকারী কর্তৃপক্ষের অনাপত্তিপত্র।

বি.দ্র. নির্ধারিত সময়ের পরে বিএসসিএস এর চেকিং বোর্ডে উপস্থিত হলে অথবা উল্লিখিত দলিলাদির মূলকপি প্রদর্শনে সমর্থ না হলে কোনো ক্রমেই মৌখিক পরীক্ষায় অংশ গ্রহণের সুযোগ দেয়া হবে না।

জিডি-৪৮/২০১৮-৫৭৪৪
তারিখঃ ২২-১০-২০১৮
ডি-২৬২৯/১৮ (৪৮ x ৮)
ব্যাংকিং ও আর্থিক সেবা পেতে হয়রানির শিকার হলে কিংবা কোনো অভিযোগ থাকলে ১৬২৩৬ নম্বরে ফোন করুন।
স্বাক্ষরিত/-
(মোঃ মোস্তাফিজুর রহমান খান)
মহাব্যবস্থাপক, বাংলাদেশ ব্যাংক
ও
সদস্য-সচিব, বিএসসি
